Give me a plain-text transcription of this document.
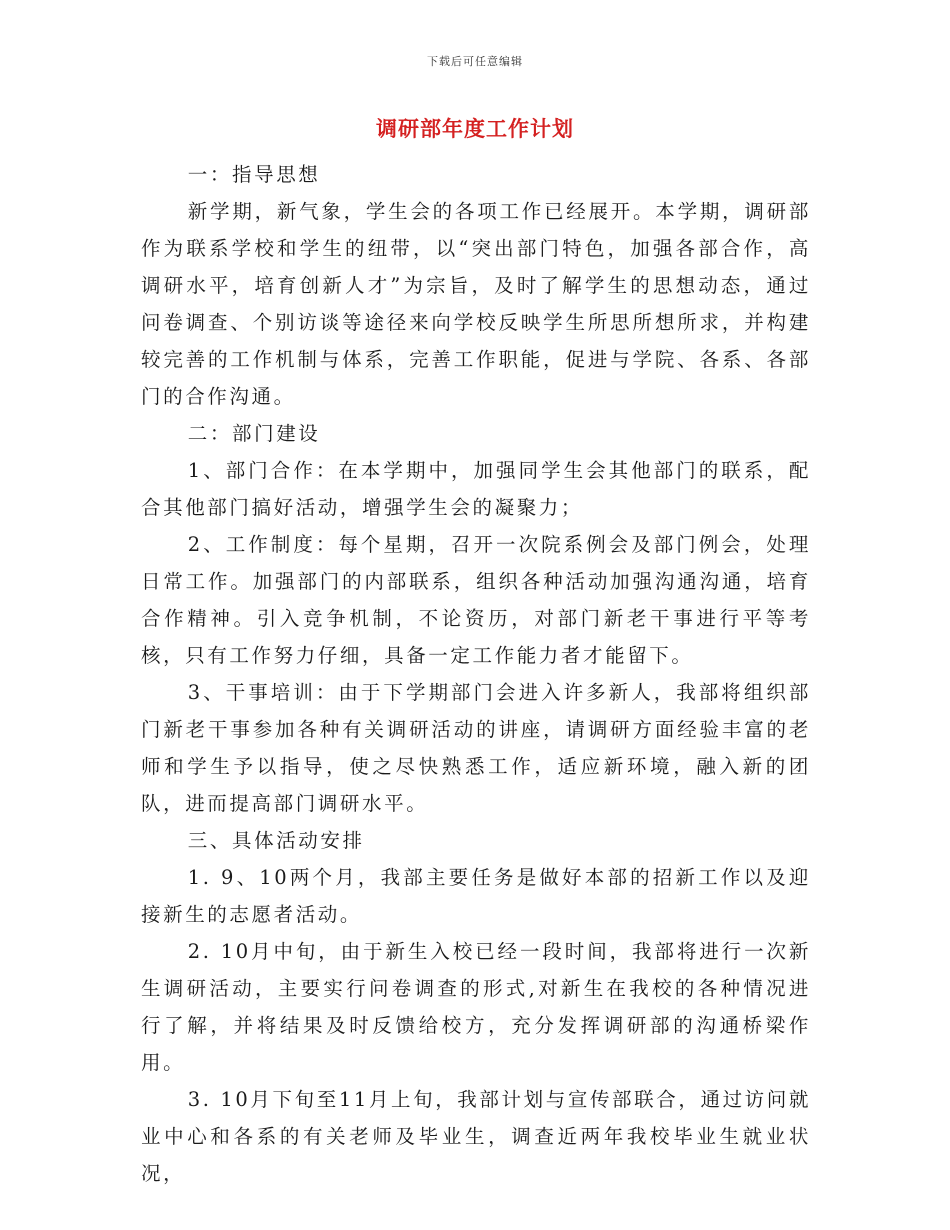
下载后可任意编辑
调研部年度工作计划

一：指导思想

新学期，新气象，学生会的各项工作已经展开。本学期，调研部作为联系学校和学生的纽带，以“突出部门特色，加强各部合作，高调研水平，培育创新人才”为宗旨，及时了解学生的思想动态，通过问卷调查、个别访谈等途径来向学校反映学生所思所想所求，并构建较完善的工作机制与体系，完善工作职能，促进与学院、各系、各部门的合作沟通。

二：部门建设

1、部门合作：在本学期中，加强同学生会其他部门的联系，配合其他部门搞好活动，增强学生会的凝聚力；

2、工作制度：每个星期，召开一次院系例会及部门例会，处理日常工作。加强部门的内部联系，组织各种活动加强沟通沟通，培育合作精神。引入竞争机制，不论资历，对部门新老干事进行平等考核，只有工作努力仔细，具备一定工作能力者才能留下。

3、干事培训：由于下学期部门会进入许多新人，我部将组织部门新老干事参加各种有关调研活动的讲座，请调研方面经验丰富的老师和学生予以指导，使之尽快熟悉工作，适应新环境，融入新的团队，进而提高部门调研水平。

三、具体活动安排

1. 9、10两个月，我部主要任务是做好本部的招新工作以及迎接新生的志愿者活动。

2. 10月中旬，由于新生入校已经一段时间，我部将进行一次新生调研活动，主要实行问卷调查的形式,对新生在我校的各种情况进行了解，并将结果及时反馈给校方，充分发挥调研部的沟通桥梁作用。

3. 10月下旬至11月上旬，我部计划与宣传部联合，通过访问就业中心和各系的有关老师及毕业生，调查近两年我校毕业生就业状况，
